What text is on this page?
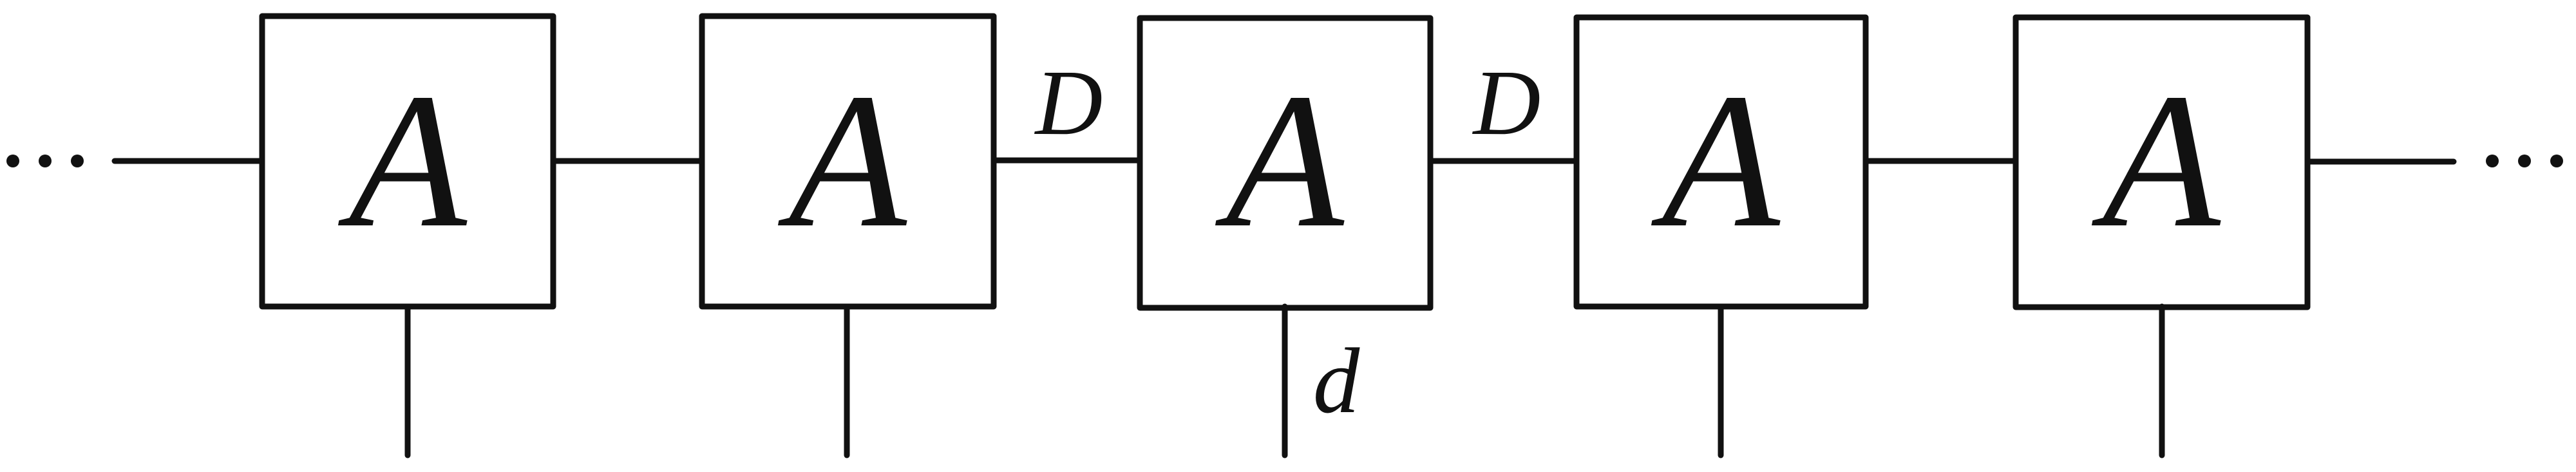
A A A A A
D	D
d
